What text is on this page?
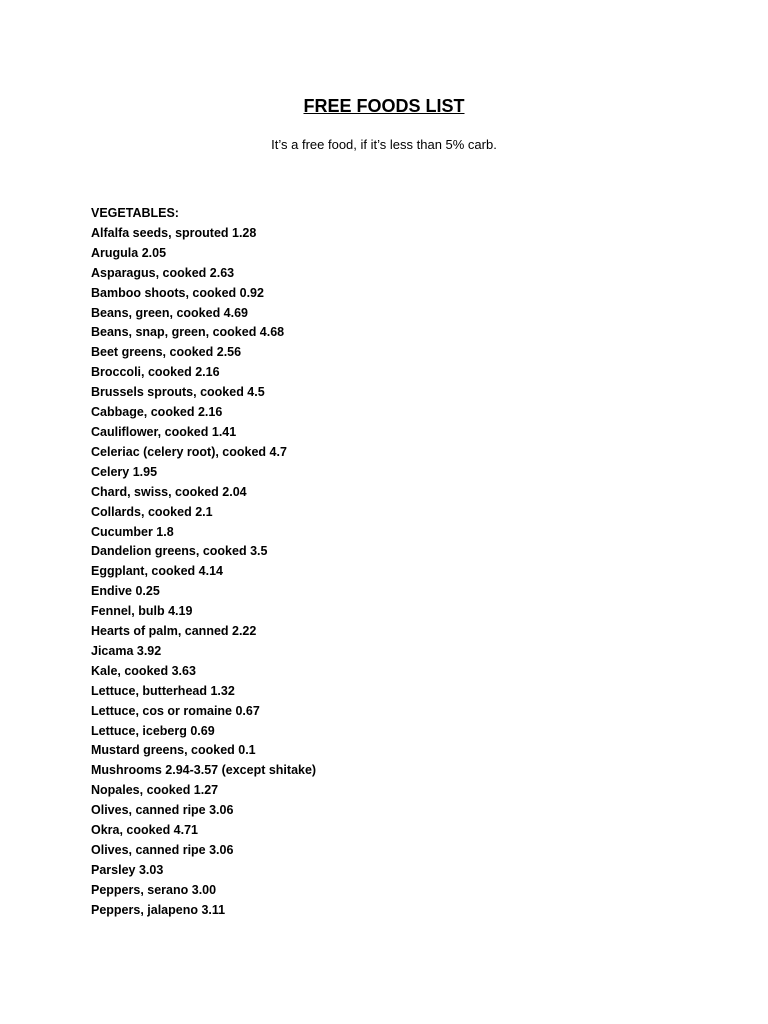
FREE FOODS LIST

It’s a free food, if it’s less than 5% carb.

VEGETABLES:

Alfalfa seeds, sprouted 1.28
Arugula 2.05
Asparagus, cooked 2.63
Bamboo shoots, cooked 0.92
Beans, green, cooked 4.69
Beans, snap, green, cooked 4.68
Beet greens, cooked 2.56
Broccoli, cooked 2.16
Brussels sprouts, cooked 4.5
Cabbage, cooked 2.16
Cauliflower, cooked 1.41
Celeriac (celery root), cooked 4.7
Celery 1.95
Chard, swiss, cooked 2.04
Collards, cooked 2.1
Cucumber 1.8
Dandelion greens, cooked 3.5
Eggplant, cooked 4.14
Endive 0.25
Fennel, bulb 4.19
Hearts of palm, canned 2.22
Jicama 3.92
Kale, cooked 3.63
Lettuce, butterhead 1.32
Lettuce, cos or romaine 0.67
Lettuce, iceberg 0.69
Mustard greens, cooked 0.1
Mushrooms 2.94-3.57 (except shitake)
Nopales, cooked 1.27
Olives, canned ripe 3.06
Okra, cooked 4.71
Olives, canned ripe 3.06
Parsley 3.03
Peppers, serano 3.00
Peppers, jalapeno 3.11
